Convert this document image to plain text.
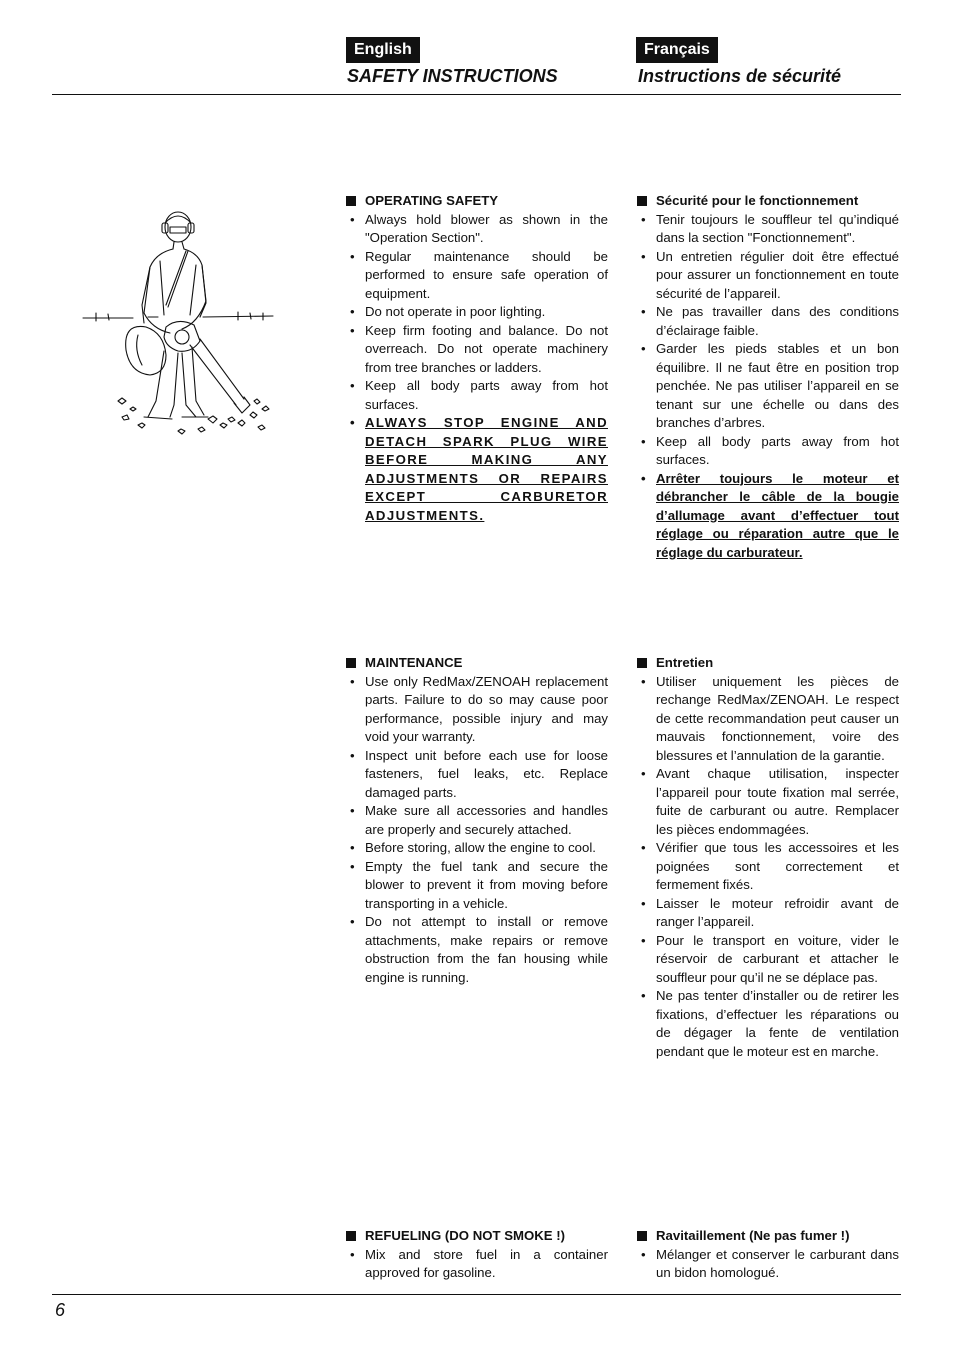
English	Français
SAFETY INSTRUCTIONS	Instructions de sécurité
OPERATING SAFETY
• Always hold blower as shown in the "Operation Section".
• Regular maintenance should be performed to ensure safe operation of equipment.
• Do not operate in poor lighting.
• Keep firm footing and balance. Do not overreach. Do not operate machinery from tree branches or ladders.
• Keep all body parts away from hot surfaces.
• ALWAYS STOP ENGINE AND DETACH SPARK PLUG WIRE BEFORE MAKING ANY ADJUSTMENTS OR REPAIRS EXCEPT CARBURETOR ADJUSTMENTS.
Sécurité pour le fonctionnement
• Tenir toujours le souffleur tel qu’indiqué dans la section "Fonctionnement".
• Un entretien régulier doit être effectué pour assurer un fonctionnement en toute sécurité de l’appareil.
• Ne pas travailler dans des conditions d’éclairage faible.
• Garder les pieds stables et un bon équilibre. Il ne faut être en position trop penchée. Ne pas utiliser l’appareil en se tenant sur une échelle ou dans des branches d’arbres.
• Keep all body parts away from hot surfaces.
• Arrêter toujours le moteur et débrancher le câble de la bougie d’allumage avant d’effectuer tout réglage ou réparation autre que le réglage du carburateur.
MAINTENANCE
• Use only RedMax/ZENOAH replacement parts. Failure to do so may cause poor performance, possible injury and may void your warranty.
• Inspect unit before each use for loose fasteners, fuel leaks, etc. Replace damaged parts.
• Make sure all accessories and handles are properly and securely attached.
• Before storing, allow the engine to cool.
• Empty the fuel tank and secure the blower to prevent it from moving before transporting in a vehicle.
• Do not attempt to install or remove attachments, make repairs or remove obstruction from the fan housing while engine is running.
Entretien
• Utiliser uniquement les pièces de rechange RedMax/ZENOAH. Le respect de cette recommandation peut causer un mauvais fonctionnement, voire des blessures et l’annulation de la garantie.
• Avant chaque utilisation, inspecter l’appareil pour toute fixation mal serrée, fuite de carburant ou autre. Remplacer les pièces endommagées.
• Vérifier que tous les accessoires et les poignées sont correctement et fermement fixés.
• Laisser le moteur refroidir avant de ranger l’appareil.
• Pour le transport en voiture, vider le réservoir de carburant et attacher le souffleur pour qu’il ne se déplace pas.
• Ne pas tenter d’installer ou de retirer les fixations, d’effectuer les réparations ou de dégager la fente de ventilation pendant que le moteur est en marche.
REFUELING (DO NOT SMOKE !)
• Mix and store fuel in a container approved for gasoline.
Ravitaillement (Ne pas fumer !)
• Mélanger et conserver le carburant dans un bidon homologué.
6
